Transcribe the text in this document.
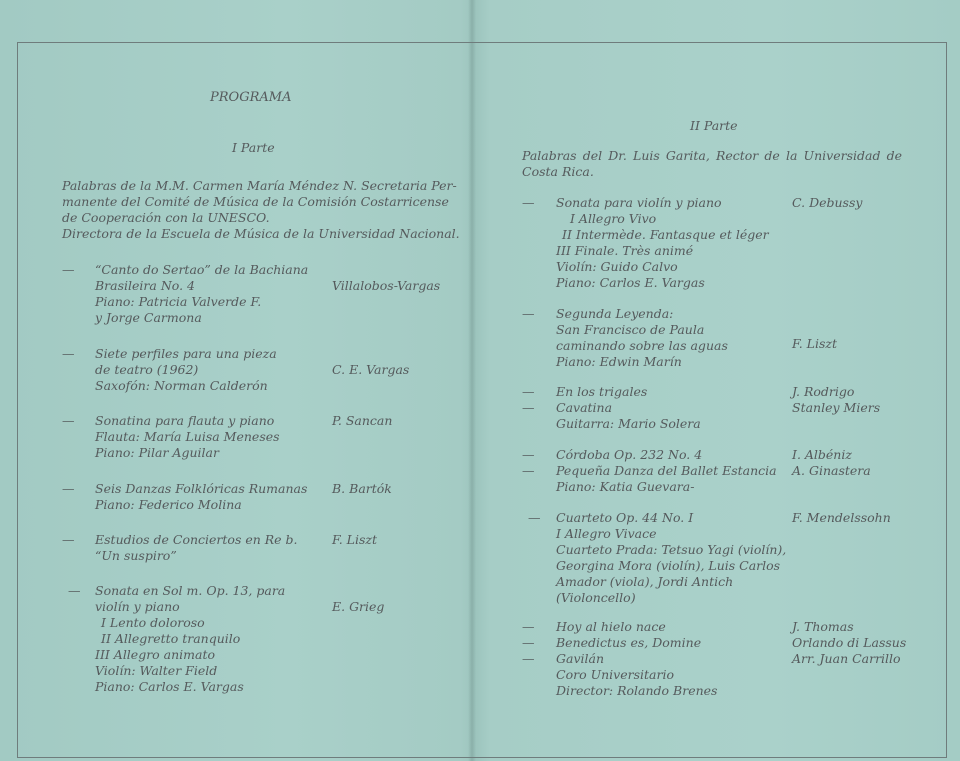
PROGRAMA
I Parte
Palabras de la M.M. Carmen María Méndez N. Secretaria Per-
manente del Comité de Música de la Comisión Costarricense
de Cooperación con la UNESCO.
Directora de la Escuela de Música de la Universidad Nacional.
— “Canto do Sertao” de la Bachiana
Brasileira No. 4
Piano: Patricia Valverde F.
y Jorge Carmona
Villalobos-Vargas
— Siete perfiles para una pieza
de teatro (1962)
Saxofón: Norman Calderón
C. E. Vargas
— Sonatina para flauta y piano
Flauta: María Luisa Meneses
Piano: Pilar Aguilar
P. Sancan
— Seis Danzas Folklóricas Rumanas
Piano: Federico Molina
B. Bartók
— Estudios de Conciertos en Re b.
“Un suspiro”
F. Liszt
— Sonata en Sol m. Op. 13, para
violín y piano
I Lento doloroso
II Allegretto tranquilo
III Allegro animato
Violín: Walter Field
Piano: Carlos E. Vargas
E. Grieg
II Parte
Palabras del Dr. Luis Garita, Rector de la Universidad de
Costa Rica.
— Sonata para violín y piano
I Allegro Vivo
II Intermède. Fantasque et léger
III Finale. Très animé
Violín: Guido Calvo
Piano: Carlos E. Vargas
C. Debussy
— Segunda Leyenda:
San Francisco de Paula
caminando sobre las aguas
Piano: Edwin Marín
F. Liszt
—
—
En los trigales
Cavatina
Guitarra: Mario Solera
J. Rodrigo
Stanley Miers
—
—
Córdoba Op. 232 No. 4
Pequeña Danza del Ballet Estancia
Piano: Katia Guevara-
I. Albéniz
A. Ginastera
— Cuarteto Op. 44 No. I
I Allegro Vivace
Cuarteto Prada: Tetsuo Yagi (violín),
Georgina Mora (violín), Luis Carlos
Amador (viola), Jordi Antich
(Violoncello)
F. Mendelssohn
—
—
—
Hoy al hielo nace
Benedictus es, Domine
Gavilán
Coro Universitario
Director: Rolando Brenes
J. Thomas
Orlando di Lassus
Arr. Juan Carrillo
